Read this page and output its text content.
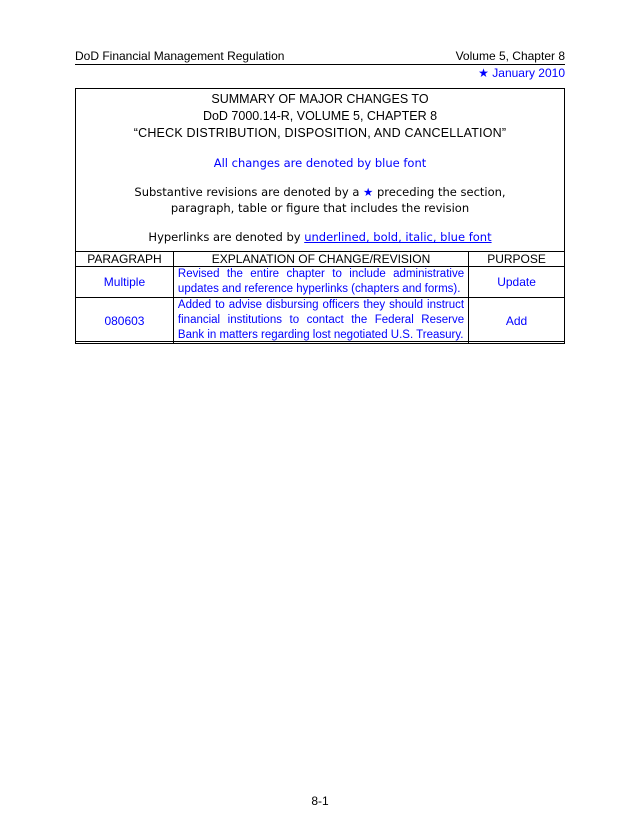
DoD Financial Management Regulation	Volume 5, Chapter 8
★ January 2010
SUMMARY OF MAJOR CHANGES TO
DoD 7000.14-R, VOLUME 5, CHAPTER 8
“CHECK DISTRIBUTION, DISPOSITION, AND CANCELLATION”
All changes are denoted by blue font
Substantive revisions are denoted by a ★ preceding the section,
paragraph, table or figure that includes the revision
Hyperlinks are denoted by underlined, bold, italic, blue font
PARAGRAPH	EXPLANATION OF CHANGE/REVISION	PURPOSE
Multiple	Revised the entire chapter to include administrative updates and reference hyperlinks (chapters and forms).	Update
080603	Added to advise disbursing officers they should instruct financial institutions to contact the Federal Reserve Bank in matters regarding lost negotiated U.S. Treasury.	Add
8-1
